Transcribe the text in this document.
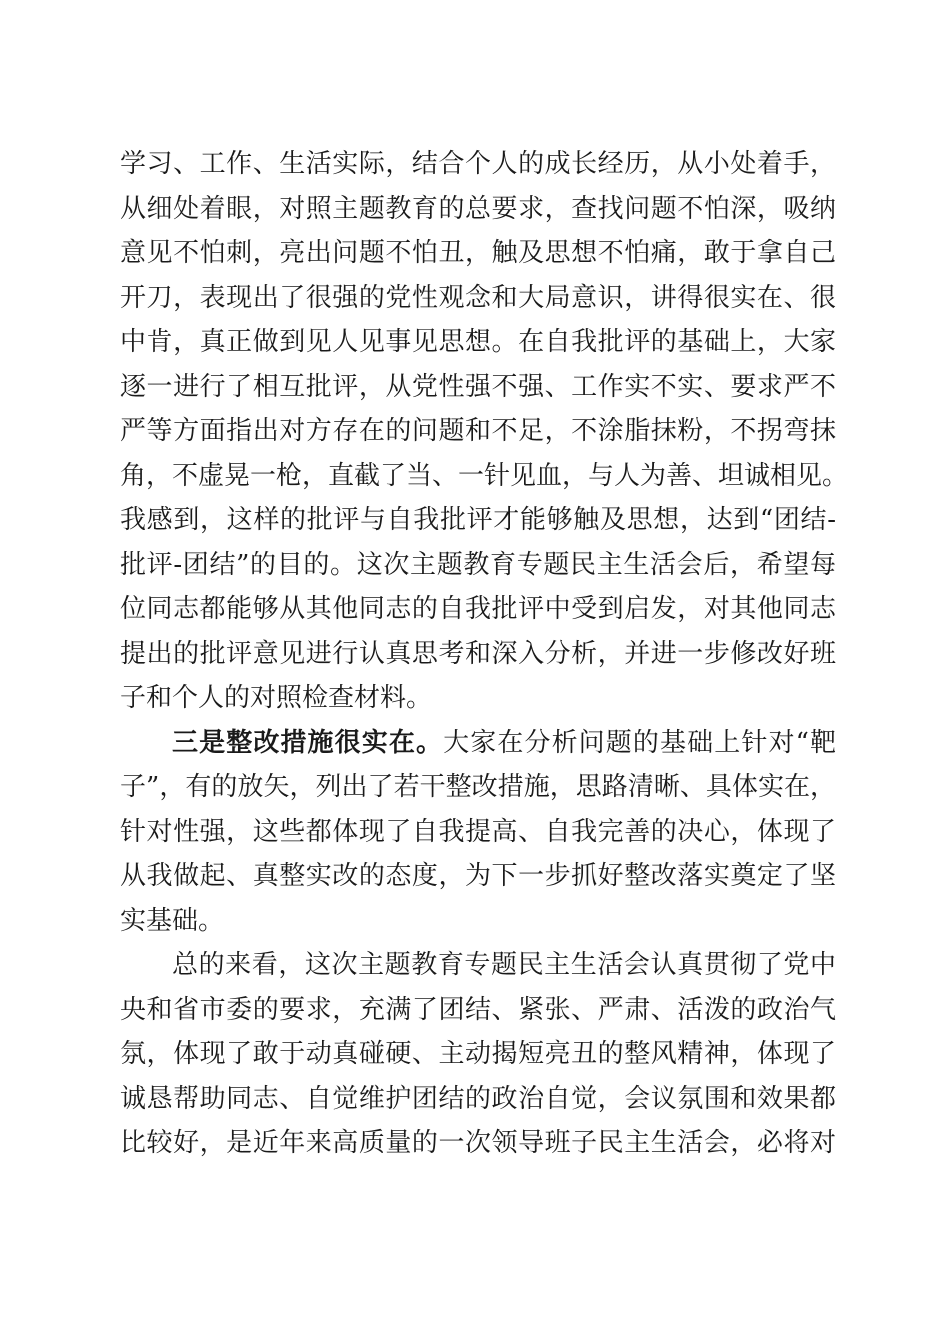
学习、工作、生活实际，结合个人的成长经历，从小处着手，
从细处着眼，对照主题教育的总要求，查找问题不怕深，吸纳
意见不怕刺，亮出问题不怕丑，触及思想不怕痛，敢于拿自己
开刀，表现出了很强的党性观念和大局意识，讲得很实在、很
中肯，真正做到见人见事见思想。在自我批评的基础上，大家
逐一进行了相互批评，从党性强不强、工作实不实、要求严不
严等方面指出对方存在的问题和不足，不涂脂抹粉，不拐弯抹
角，不虚晃一枪，直截了当、一针见血，与人为善、坦诚相见。
我感到，这样的批评与自我批评才能够触及思想，达到“团结-
批评-团结”的目的。这次主题教育专题民主生活会后，希望每
位同志都能够从其他同志的自我批评中受到启发，对其他同志
提出的批评意见进行认真思考和深入分析，并进一步修改好班
子和个人的对照检查材料。
三是整改措施很实在。大家在分析问题的基础上针对“靶
子”，有的放矢，列出了若干整改措施，思路清晰、具体实在，
针对性强，这些都体现了自我提高、自我完善的决心，体现了
从我做起、真整实改的态度，为下一步抓好整改落实奠定了坚
实基础。
总的来看，这次主题教育专题民主生活会认真贯彻了党中
央和省市委的要求，充满了团结、紧张、严肃、活泼的政治气
氛，体现了敢于动真碰硬、主动揭短亮丑的整风精神，体现了
诚恳帮助同志、自觉维护团结的政治自觉，会议氛围和效果都
比较好，是近年来高质量的一次领导班子民主生活会，必将对
